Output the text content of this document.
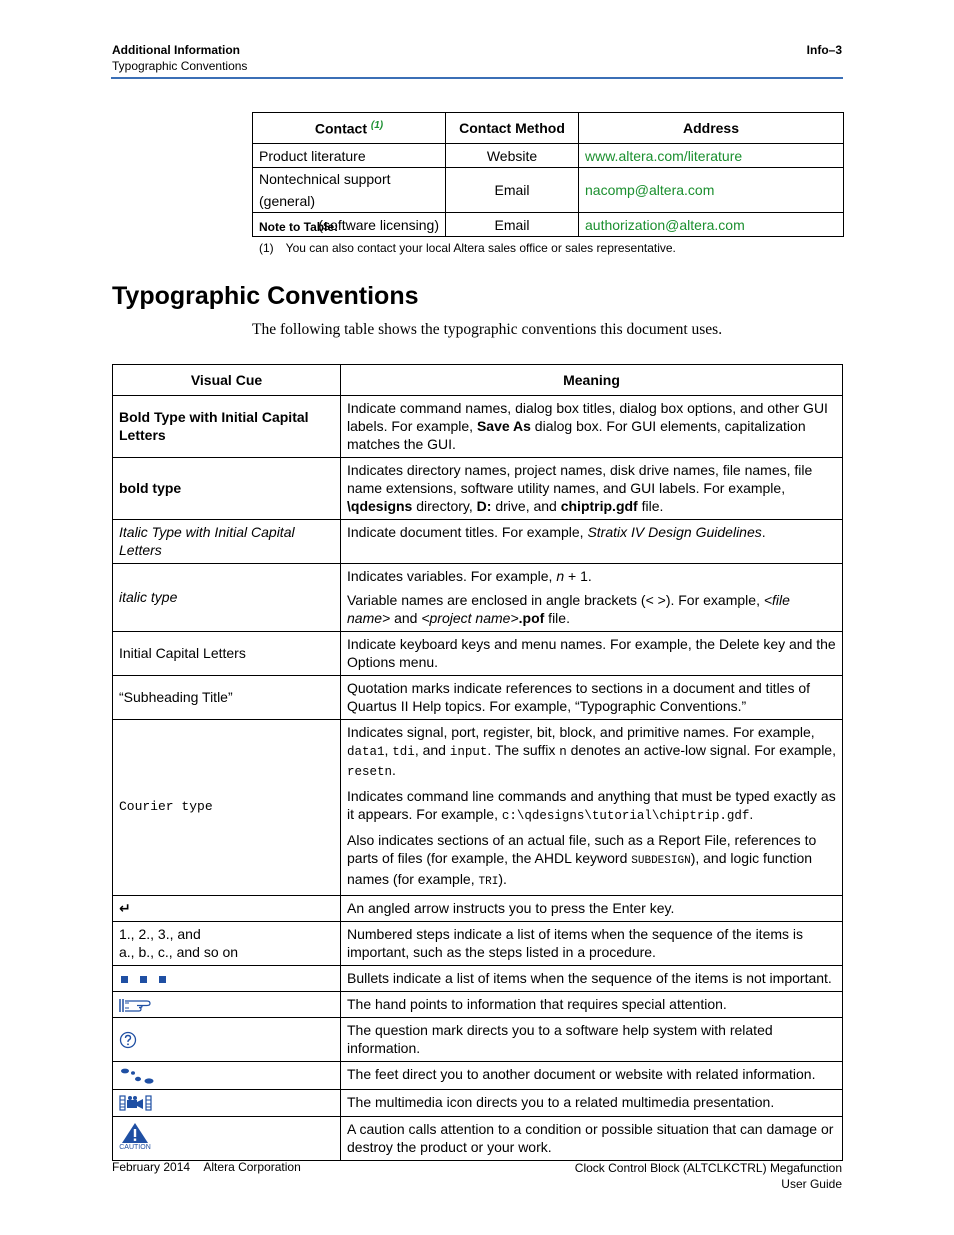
Additional Information
Typographic Conventions
Info–3
Contact $^{(1)}$	Contact Method	Address
Product literature	Website	www.altera.com/literature
Nontechnical support (general)	Email	nacomp@altera.com
(software licensing)	Email	authorization@altera.com
Note to Table:
(1) You can also contact your local Altera sales office or sales representative.
Typographic Conventions
The following table shows the typographic conventions this document uses.
Visual Cue	Meaning
Bold Type with Initial Capital Letters	Indicate command names, dialog box titles, dialog box options, and other GUI labels. For example, Save As dialog box. For GUI elements, capitalization matches the GUI.
bold type	Indicates directory names, project names, disk drive names, file names, file name extensions, software utility names, and GUI labels. For example, \qdesigns directory, D: drive, and chiptrip.gdf file.
Italic Type with Initial Capital Letters	Indicate document titles. For example, Stratix IV Design Guidelines.
italic type	Indicates variables. For example, n + 1.

Variable names are enclosed in angle brackets (< >). For example, <file name> and <project name>.pof file.

Initial Capital Letters	Indicate keyboard keys and menu names. For example, the Delete key and the Options menu.
“Subheading Title”	Quotation marks indicate references to sections in a document and titles of Quartus II Help topics. For example, “Typographic Conventions.”
Courier type	Indicates signal, port, register, bit, block, and primitive names. For example, data1, tdi, and input. The suffix n denotes an active-low signal. For example, resetn.

Indicates command line commands and anything that must be typed exactly as it appears. For example, c:\qdesigns\tutorial\chiptrip.gdf.

Also indicates sections of an actual file, such as a Report File, references to parts of files (for example, the AHDL keyword SUBDESIGN), and logic function names (for example, TRI).

↵	An angled arrow instructs you to press the Enter key.

1., 2., 3., and
a., b., c., and so on	Numbered steps indicate a list of items when the sequence of the items is important, such as the steps listed in a procedure.
	Bullets indicate a list of items when the sequence of the items is not important.
	The hand points to information that requires special attention.
	The question mark directs you to a software help system with related information.
	The feet direct you to another document or website with related information.
	The multimedia icon directs you to a related multimedia presentation.

CAUTION	A caution calls attention to a condition or possible situation that can damage or destroy the product or your work.
February 2014 Altera Corporation	Clock Control Block (ALTCLKCTRL) Megafunction
User Guide
